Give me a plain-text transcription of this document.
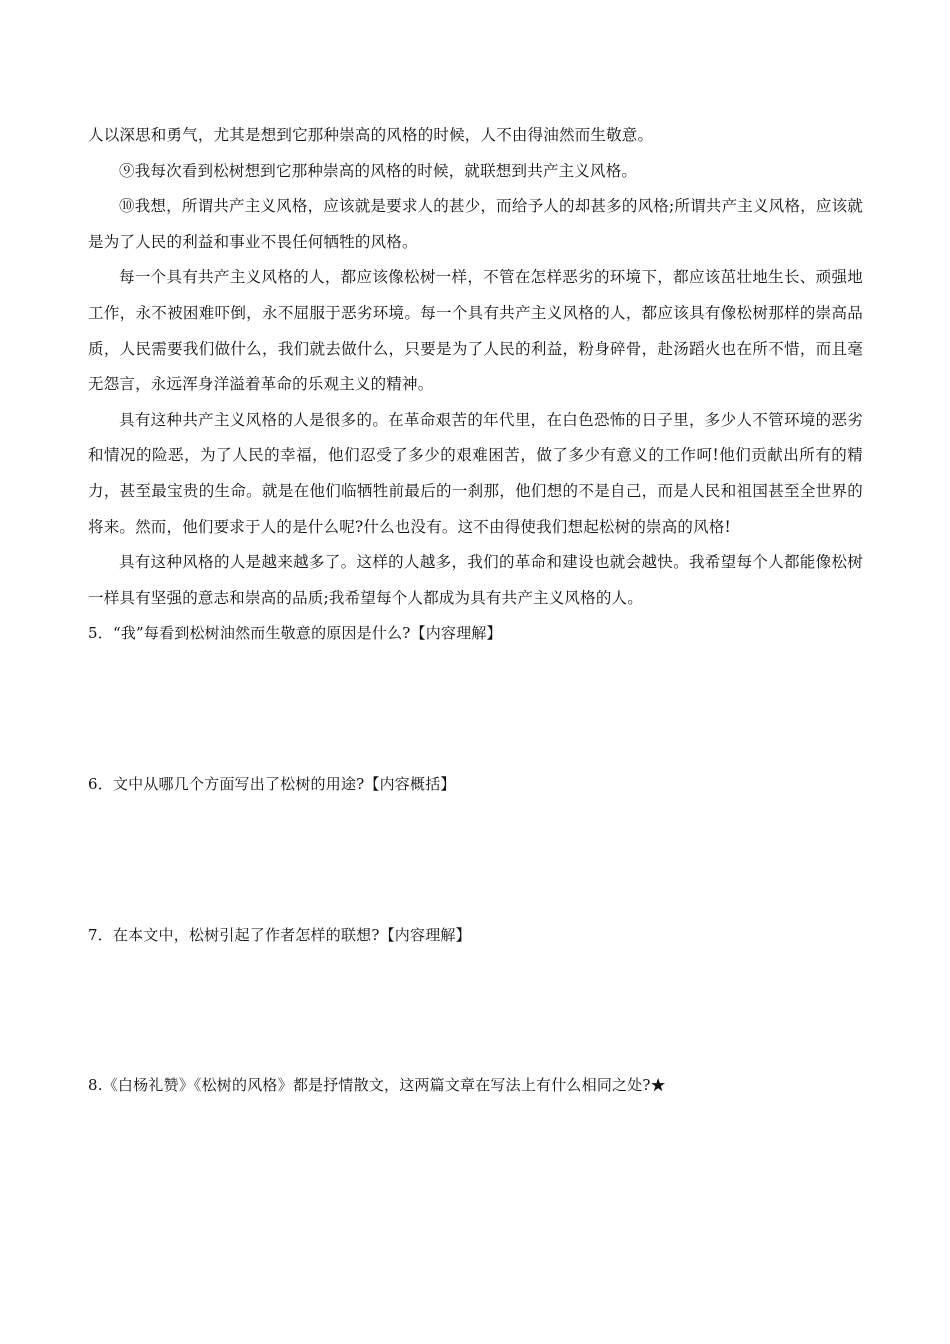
人以深思和勇气，尤其是想到它那种崇高的风格的时候，人不由得油然而生敬意。

⑨我每次看到松树想到它那种崇高的风格的时候，就联想到共产主义风格。

⑩我想，所谓共产主义风格，应该就是要求人的甚少，而给予人的却甚多的风格;所谓共产主义风格，应该就是为了人民的利益和事业不畏任何牺牲的风格。

每一个具有共产主义风格的人，都应该像松树一样，不管在怎样恶劣的环境下，都应该茁壮地生长、顽强地工作，永不被困难吓倒，永不屈服于恶劣环境。每一个具有共产主义风格的人，都应该具有像松树那样的崇高品质，人民需要我们做什么，我们就去做什么，只要是为了人民的利益，粉身碎骨，赴汤蹈火也在所不惜，而且毫无怨言，永远浑身洋溢着革命的乐观主义的精神。

具有这种共产主义风格的人是很多的。在革命艰苦的年代里，在白色恐怖的日子里，多少人不管环境的恶劣和情况的险恶，为了人民的幸福，他们忍受了多少的艰难困苦，做了多少有意义的工作呵!他们贡献出所有的精力，甚至最宝贵的生命。就是在他们临牺牲前最后的一刹那，他们想的不是自己，而是人民和祖国甚至全世界的将来。然而，他们要求于人的是什么呢?什么也没有。这不由得使我们想起松树的崇高的风格!

具有这种风格的人是越来越多了。这样的人越多，我们的革命和建设也就会越快。我希望每个人都能像松树一样具有坚强的意志和崇高的品质;我希望每个人都成为具有共产主义风格的人。

5．“我”每看到松树油然而生敬意的原因是什么?【内容理解】
6．文中从哪几个方面写出了松树的用途?【内容概括】
7．在本文中，松树引起了作者怎样的联想?【内容理解】
8.《白杨礼赞》《松树的风格》都是抒情散文，这两篇文章在写法上有什么相同之处?★
